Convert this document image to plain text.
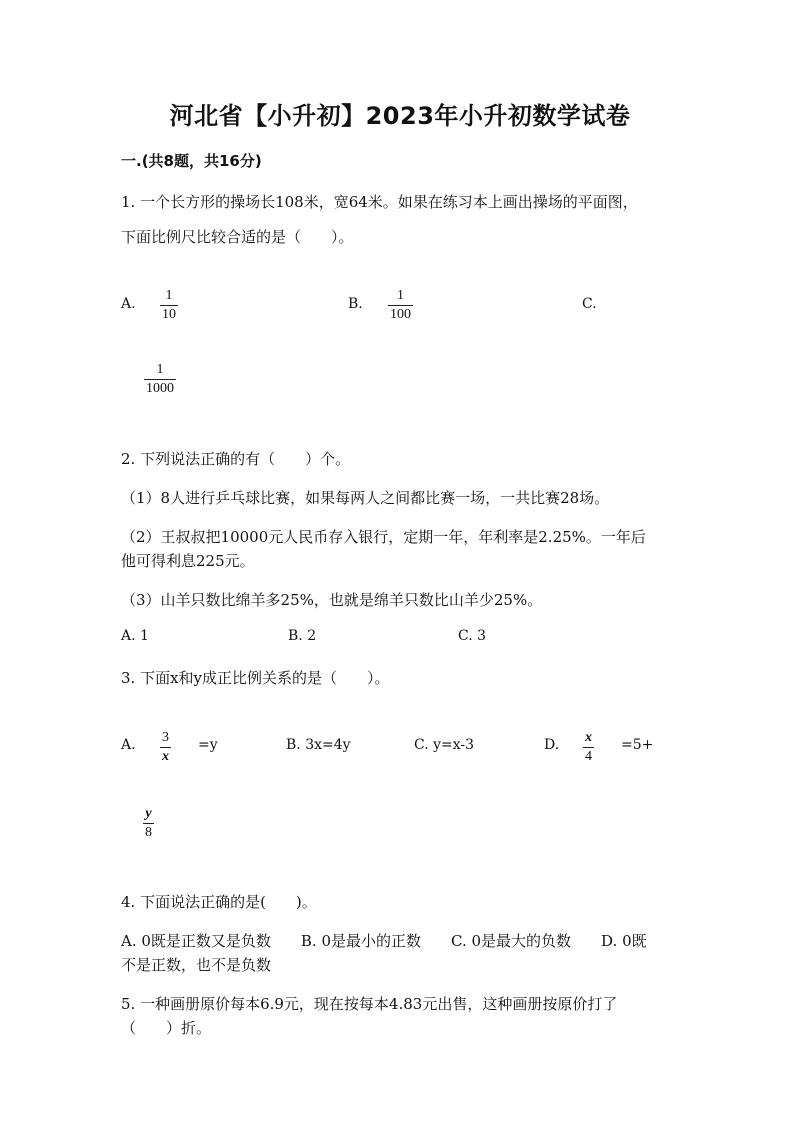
河北省【小升初】2023年小升初数学试卷
一.(共8题，共16分)
1. 一个长方形的操场长108米，宽64米。如果在练习本上画出操场的平面图，
下面比例尺比较合适的是（　　）。
A.
1
10
B.
1
100
C.
1
1000
2. 下列说法正确的有（　　）个。
（1）8人进行乒乓球比赛，如果每两人之间都比赛一场，一共比赛28场。
（2）王叔叔把10000元人民币存入银行，定期一年，年利率是2.25%。一年后
他可得利息225元。
（3）山羊只数比绵羊多25%，也就是绵羊只数比山羊少25%。
A. 1	B. 2	C. 3
3. 下面x和y成正比例关系的是（　　）。
A. 3
x
=y	B. 3x=4y	C. y=x-3	D. x
4
=5+
y
8
4. 下面说法正确的是(　　)。
A. 0既是正数又是负数　　B. 0是最小的正数　　C. 0是最大的负数　　D. 0既
不是正数，也不是负数
5. 一种画册原价每本6.9元，现在按每本4.83元出售，这种画册按原价打了
（　　）折。
